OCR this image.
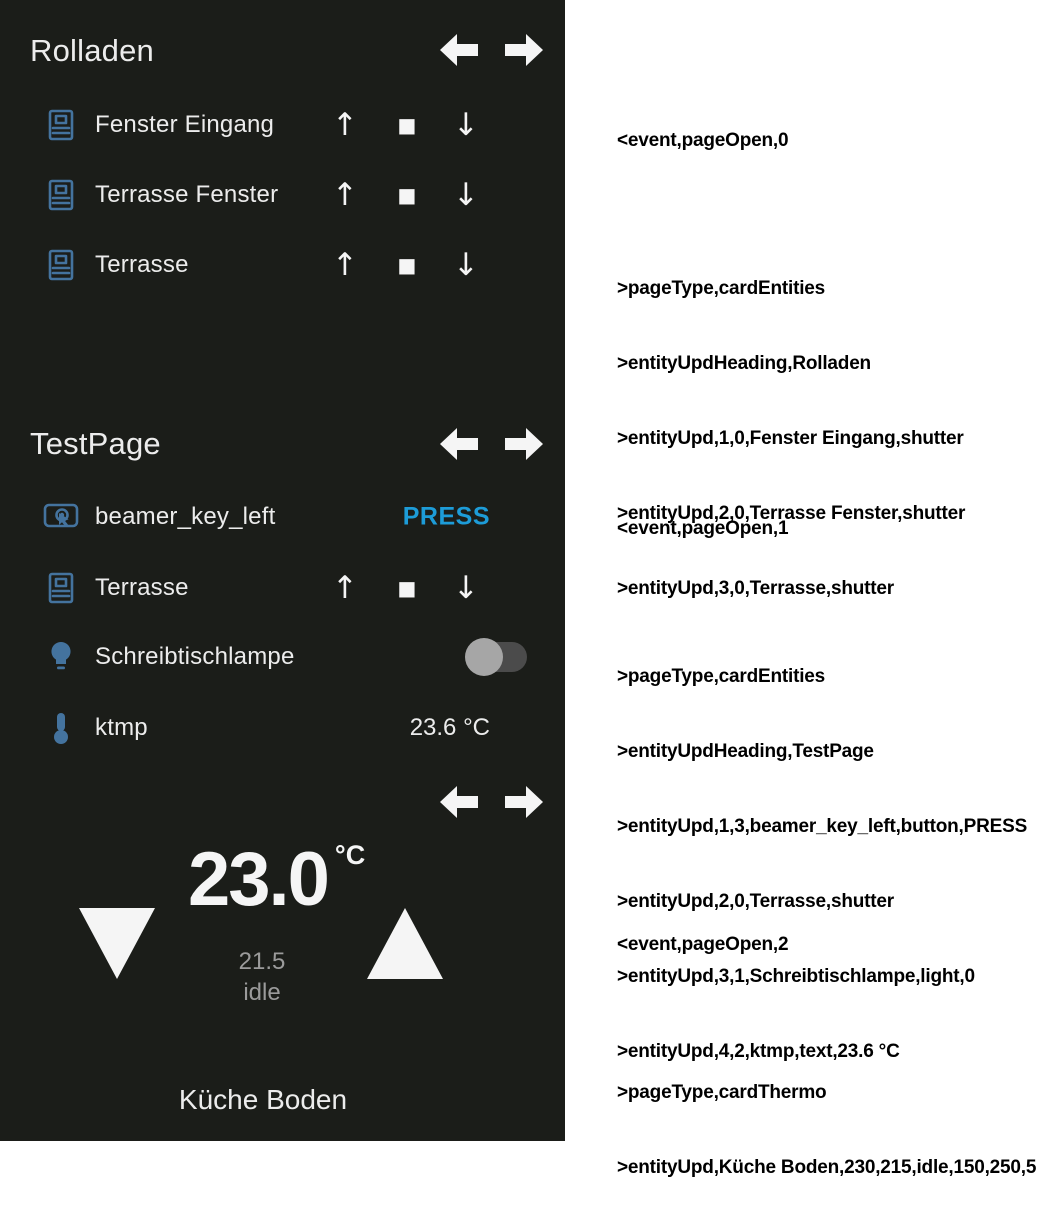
Rolladen
Fenster Eingang ↑ ■ ↓
Terrasse Fenster ↑ ■ ↓
Terrasse	↑ ■ ↓
TestPage
beamer_key_left	PRESS
Terrasse	↑ ■ ↓
Schreibtischlampe
ktmp	23.6 °C
23.0 °C
21.5
idle
Küche Boden

<event,pageOpen,0

>pageType,cardEntities

>entityUpdHeading,Rolladen

>entityUpd,1,0,Fenster Eingang,shutter

>entityUpd,2,0,Terrasse Fenster,shutter

>entityUpd,3,0,Terrasse,shutter

<event,pageOpen,1

>pageType,cardEntities

>entityUpdHeading,TestPage

>entityUpd,1,3,beamer_key_left,button,PRESS

>entityUpd,2,0,Terrasse,shutter

>entityUpd,3,1,Schreibtischlampe,light,0

>entityUpd,4,2,ktmp,text,23.6 °C

<event,pageOpen,2

>pageType,cardThermo

>entityUpd,Küche Boden,230,215,idle,150,250,5
